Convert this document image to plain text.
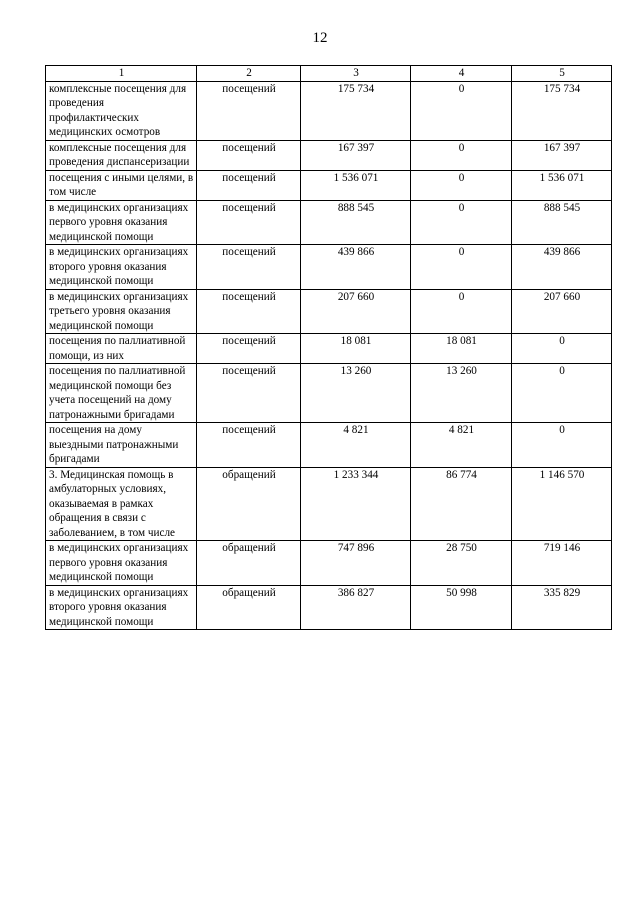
12
1	2	3	4	5
комплексные посещения для проведения профилактических медицинских осмотров	посещений	175 734	0	175 734
комплексные посещения для проведения диспансеризации	посещений	167 397	0	167 397
посещения с иными целями, в том числе	посещений	1 536 071	0	1 536 071
в медицинских организациях первого уровня оказания медицинской помощи	посещений	888 545	0	888 545
в медицинских организациях второго уровня оказания медицинской помощи	посещений	439 866	0	439 866
в медицинских организациях третьего уровня оказания медицинской помощи	посещений	207 660	0	207 660
посещения по паллиативной помощи, из них	посещений	18 081	18 081	0
посещения по паллиативной медицинской помощи без учета посещений на дому патронажными бригадами	посещений	13 260	13 260	0
посещения на дому выездными патронажными бригадами	посещений	4 821	4 821	0
3. Медицинская помощь в амбулаторных условиях, оказываемая в рамках обращения в связи с заболеванием, в том числе	обращений	1 233 344	86 774	1 146 570
в медицинских организациях первого уровня оказания медицинской помощи	обращений	747 896	28 750	719 146
в медицинских организациях второго уровня оказания медицинской помощи	обращений	386 827	50 998	335 829
